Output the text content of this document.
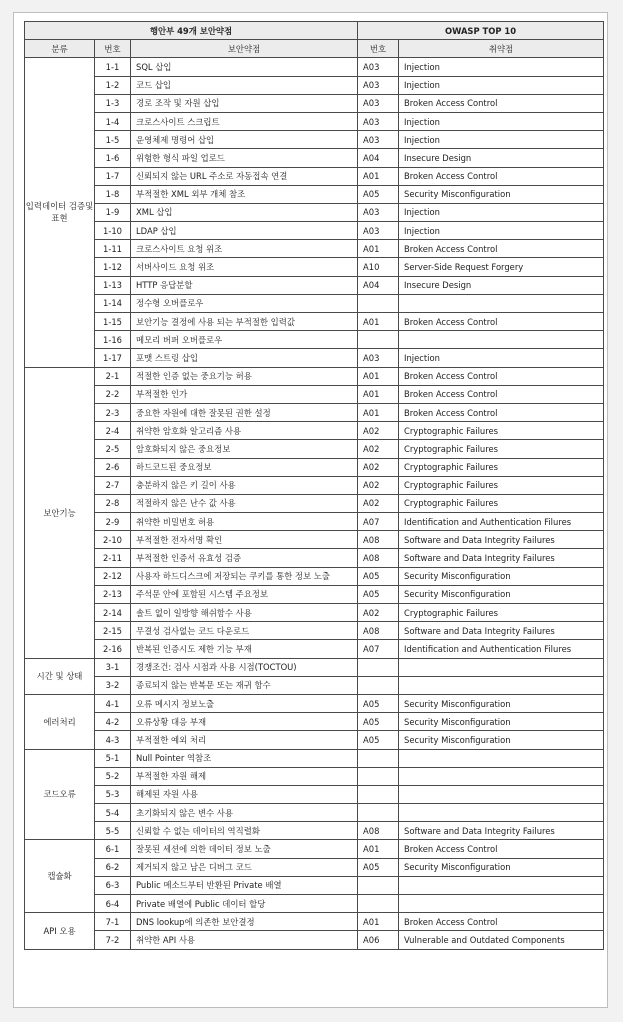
행안부 49개 보안약점			OWASP TOP 10	
분류	번호	보안약점	번호	취약점
입력데이터 검증및표현	1-1	SQL 삽입	A03	Injection
	1-2	코드 삽입	A03	Injection
	1-3	경로 조작 및 자원 삽입	A03	Broken Access Control
	1-4	크로스사이트 스크립트	A03	Injection
	1-5	운영체제 명령어 삽입	A03	Injection
	1-6	위험한 형식 파일 업로드	A04	Insecure Design
	1-7	신뢰되지 않는 URL 주소로 자동접속 연결	A01	Broken Access Control
	1-8	부적절한 XML 외부 개체 참조	A05	Security Misconfiguration
	1-9	XML 삽입	A03	Injection
	1-10	LDAP 삽입	A03	Injection
	1-11	크로스사이트 요청 위조	A01	Broken Access Control
	1-12	서버사이드 요청 위조	A10	Server-Side Request Forgery
	1-13	HTTP 응답분할	A04	Insecure Design
	1-14	정수형 오버플로우		
	1-15	보안기능 결정에 사용 되는 부적절한 입력값	A01	Broken Access Control
	1-16	메모리 버퍼 오버플로우		
	1-17	포맷 스트링 삽입	A03	Injection
보안기능	2-1	적절한 인증 없는 중요기능 허용	A01	Broken Access Control
	2-2	부적절한 인가	A01	Broken Access Control
	2-3	중요한 자원에 대한 잘못된 권한 설정	A01	Broken Access Control
	2-4	취약한 암호화 알고리즘 사용	A02	Cryptographic Failures
	2-5	암호화되지 않은 중요정보	A02	Cryptographic Failures
	2-6	하드코드된 중요정보	A02	Cryptographic Failures
	2-7	충분하지 않은 키 길이 사용	A02	Cryptographic Failures
	2-8	적절하지 않은 난수 값 사용	A02	Cryptographic Failures
	2-9	취약한 비밀번호 허용	A07	Identification and Authentication Filures
	2-10	부적절한 전자서명 확인	A08	Software and Data Integrity Failures
	2-11	부적절한 인증서 유효성 검증	A08	Software and Data Integrity Failures
	2-12	사용자 하드디스크에 저장되는 쿠키를 통한 정보 노출	A05	Security Misconfiguration
	2-13	주석문 안에 포함된 시스템 주요정보	A05	Security Misconfiguration
	2-14	솔트 없이 일방향 해쉬함수 사용	A02	Cryptographic Failures
	2-15	무결성 검사없는 코드 다운로드	A08	Software and Data Integrity Failures
	2-16	반복된 인증시도 제한 기능 부재	A07	Identification and Authentication Filures
시간 및 상태	3-1	경쟁조건: 검사 시점과 사용 시점(TOCTOU)		
	3-2	종료되지 않는 반복문 또는 재귀 함수		
에러처리	4-1	오류 메시지 정보노출	A05	Security Misconfiguration
	4-2	오류상황 대응 부재	A05	Security Misconfiguration
	4-3	부적절한 예외 처리	A05	Security Misconfiguration
코드오류	5-1	Null Pointer 역참조		
	5-2	부적절한 자원 해제		
	5-3	해제된 자원 사용		
	5-4	초기화되지 않은 변수 사용		
	5-5	신뢰할 수 없는 데이터의 역직렬화	A08	Software and Data Integrity Failures
캡슐화	6-1	잘못된 세션에 의한 데이터 정보 노출	A01	Broken Access Control
	6-2	제거되지 않고 남은 디버그 코드	A05	Security Misconfiguration
	6-3	Public 메소드부터 반환된 Private 배열		
	6-4	Private 배열에 Public 데이터 할당		
API 오용	7-1	DNS lookup에 의존한 보안결정	A01	Broken Access Control
	7-2	취약한 API 사용	A06	Vulnerable and Outdated Components
